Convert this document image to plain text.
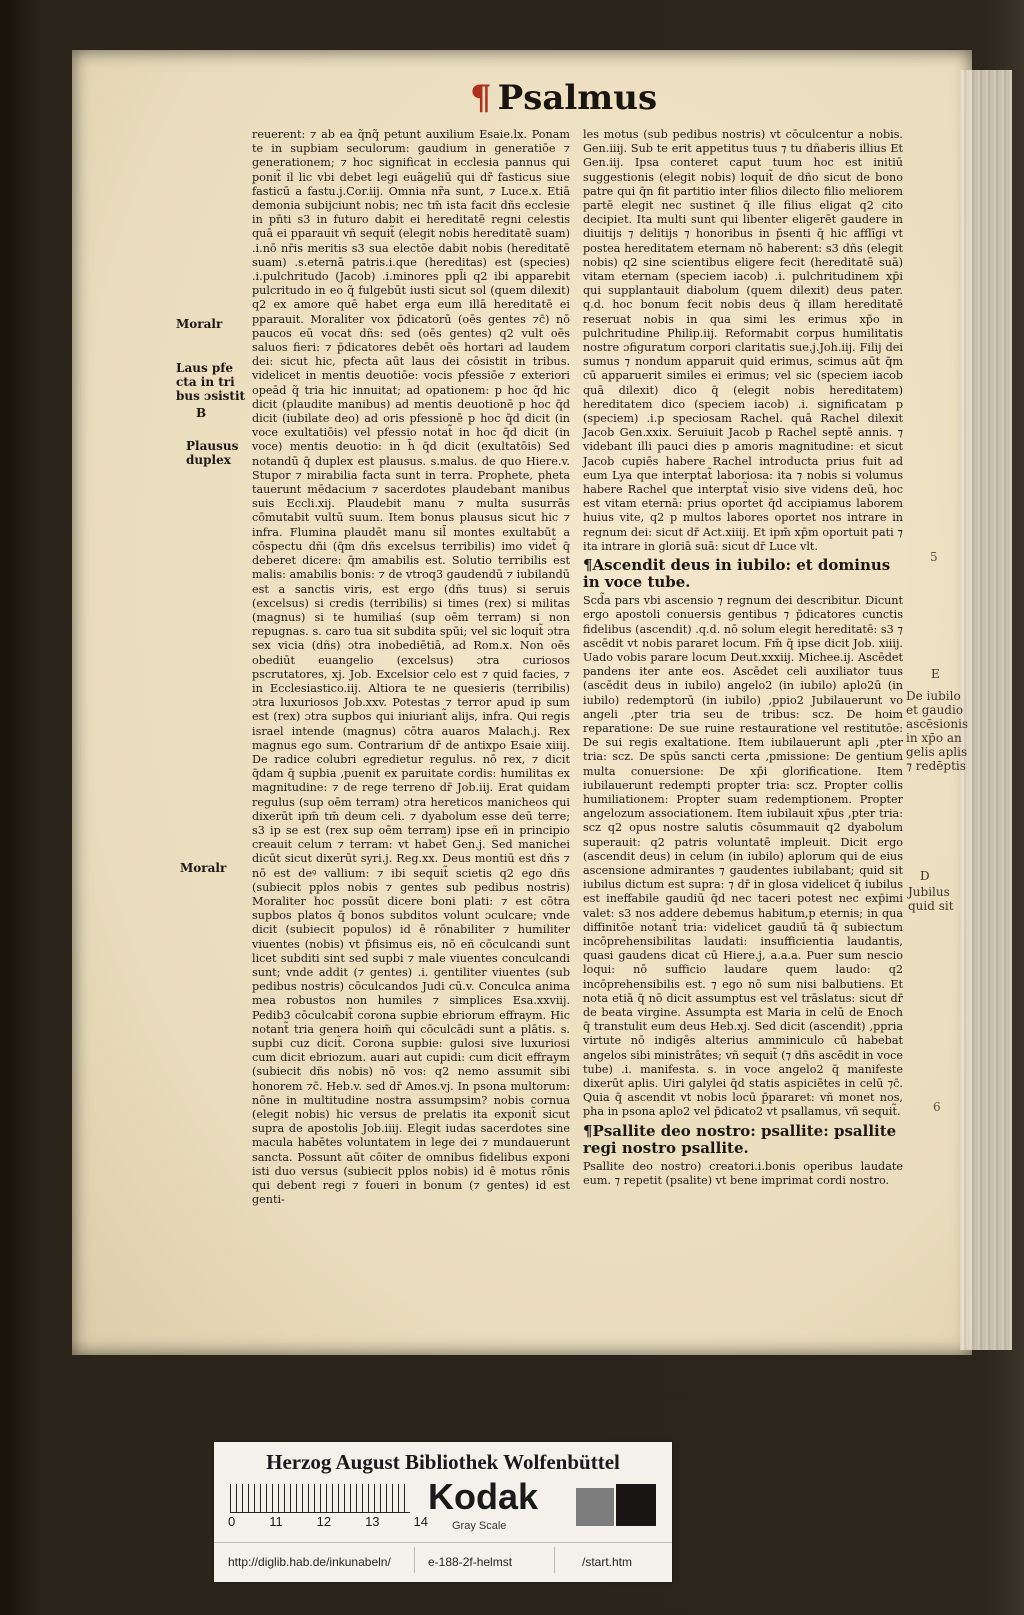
¶ Psalmus

reuerent: ⁊ ab ea q̃nq̃ petunt auxilium Esaie.lx. Ponam te in supbiam seculorum: gaudium in generatiōe ⁊ generationem; ⁊ hoc significat in ecclesia pannus qui ponit̃ il lic vbi debet legi euãgeliū qui dr̃ fasticus siue fasticū a fastu.j.Cor.iij. Omnia nr̃a sunt, ⁊ Luce.x. Etiā demonia subijciunt nobis; nec tm̄ ista facit dñs ecclesie in pn̄ti s3 in futuro dabit ei hereditatē regni celestis quā ei pparauit vñ sequit̃ (elegit nobis hereditatē suam) .i.nō nr̄is meritis s3 sua electōe dabit nobis (hereditatē suam) .s.eternā patris.i.que (hereditas) est (species) .i.pulchritudo (Jacob) .i.minores ppl̄i q2 ibi apparebit pulcritudo in eo q̃ fulgebūt iusti sicut sol (quem dilexit) q2 ex amore quē habet erga eum illā hereditatē ei pparauit. Moraliter vox p̄dicatorū (oēs gentes ⁊c̄) nō paucos eū vocat dñs: sed (oēs gentes) q2 vult oēs saluos fieri: ⁊ p̄dicatores debēt oēs hortari ad laudem dei: sicut hic, pfecta aūt laus dei cōsistit in tribus. videlicet in mentis deuotiōe: vocis pfessiōe ⁊ exteriori opeād q̃ tria hic innuitat; ad opationem: p hoc q̄d hic dicit (plaudite manibus) ad mentis deuotionē p hoc q̄d dicit (iubilate deo) ad oris pfessionē p hoc q̄d dicit (in voce exultatiōis) vel pfessio notat̃ in hoc q̄d dicit (in voce) mentis deuotio: in h̄ q̄d dicit (exultatōis) Sed notandū q̄ duplex est plausus. s.malus. de quo Hiere.v. Stupor ⁊ mirabilia facta sunt in terra. Prophete, pheta tauerunt mēdacium ⁊ sacerdotes plaudebant manibus suis Eccli.xij. Plaudebit manu ⁊ multa susurrās cōmutabit vultū suum. Item bonus plausus sicut hic ⁊ infra. Flumina plaudēt manu sil̄ montes exultabūt a cōspectu dñi (q̄m dñs excelsus terribilis) imo videt̃ q̄ deberet dicere: q̄m amabilis est. Solutio terribilis est malis: amabilis bonis: ⁊ de vtroq3 gaudendū ⁊ iubilandū est a sanctis viris, est ergo (dñs tuus) si seruis (excelsus) si credis (terribilis) si times (rex) si militas (magnus) si te humiliaś (sup oēm terram) si non repugnas. s. caro tua sit subdita spūi; vel sic loquit̃ ɔtra sex vicia (dñs) ɔtra inobediētiā, ad Rom.x. Non oēs obediūt euangelio (excelsus) ɔtra curiosos pscrutatores, xj. Job. Excelsior celo est ⁊ quid facies, ⁊ in Ecclesiastico.iij. Altiora te ne quesieris (terribilis) ɔtra luxuriosos Job.xxv. Potestas ⁊ terror apud ip sum est (rex) ɔtra supbos qui iniuriant̃ alijs, infra. Qui regis israel intende (magnus) cōtra auaros Malach.j. Rex magnus ego sum. Contrarium dr̄ de antixpo Esaie xiiij. De radice colubri egredietur regulus. nō rex, ⁊ dicit q̄dam q̄ supbia ,puenit ex paruitate cordis: humilitas ex magnitudine: ⁊ de rege terreno dr̄ Job.iij. Erat quidam regulus (sup oēm terram) ɔtra hereticos manicheos qui dixerūt ipm̄ tm̄ deum celi. ⁊ dyabolum esse deū terre; s3 ip se est (rex sup oēm terram) ipse eñ in principio creauit celum ⁊ terram: vt habet̃ Gen.j. Sed manichei dicūt sicut dixerūt syri.j. Reg.xx. Deus montiū est dñs ⁊ nō est deꝰ vallium: ⁊ ibi sequit̃ scietis q2 ego dñs (subiecit pplos nobis ⁊ gentes sub pedibus nostris) Moraliter hoc possūt dicere boni plati: ⁊ est cōtra supbos platos q̄ bonos subditos volunt ɔculcare; vnde dicit (subiecit populos) id ē rōnabiliter ⁊ humiliter viuentes (nobis) vt p̄fisimus eis, nō eñ cōculcandi sunt licet subditi sint sed supbi ⁊ male viuentes conculcandi sunt; vnde addit (⁊ gentes) .i. gentiliter viuentes (sub pedibus nostris) cōculcandos Judi cū.v. Conculca anima mea robustos non humiles ⁊ simplices Esa.xxviij. Pedib3 cōculcabit̃ corona supbie ebriorum effraym. Hic notant̃ tria genera hoim̄ qui cōculcādi sunt a plātis. s. supbi cuz dicit̃. Corona supbie: gulosi sive luxuriosi cum dicit ebriozum. auari aut cupidi: cum dicit effraym (subiecit dñs nobis) nō vos: q2 nemo assumit sibi honorem ⁊c̄. Heb.v. sed dr̄ Amos.vj. In psona multorum: nōne in multitudine nostra assumpsim? nobis cornua (elegit nobis) hic versus de prelatis ita exponit̃ sicut supra de apostolis Job.iiij. Elegit iudas sacerdotes sine macula habētes voluntatem in lege dei ⁊ mundauerunt sancta. Possunt aūt cōiter de omnibus fidelibus exponi isti duo versus (subiecit pplos nobis) id ē motus rōnis qui debent regi ⁊ foueri in bonum (⁊ gentes) id est genti-

les motus (sub pedibus nostris) vt cōculcentur a nobis. Gen.iiij. Sub te erit appetitus tuus ⁊ tu dñaberis illius Et Gen.iij. Ipsa conteret caput tuum hoc est initiū suggestionis (elegit nobis) loquit̃ de dño sicut de bono patre qui q̄n fit partitio inter filios dilecto filio meliorem partē elegit nec sustinet q̄ ille filius eligat q2 cito decipiet. Ita multi sunt qui libenter eligerēt gaudere in diuitijs ⁊ delitijs ⁊ honoribus in p̄senti q̄ hic afflīgi vt postea hereditatem eternam nō haberent: s3 dñs (elegit nobis) q2 sine scientibus eligere fecit (hereditatē suā) vitam eternam (speciem iacob) .i. pulchritudinem xp̄i qui supplantauit diabolum (quem dilexit) deus pater. q.d. hoc bonum fecit nobis deus q̄ illam hereditatē reseruat nobis in qua simi les erimus xp̄o in pulchritudine Philip.iij. Reformabit corpus humilitatis nostre ɔfiguratum corpori claritatis sue.j.Joh.iij. Filij dei sumus ⁊ nondum apparuit quid erimus, scimus aūt q̄m cū apparuerit similes ei erimus; vel sic (speciem iacob quā dilexit) dico q̄ (elegit nobis hereditatem) hereditatem dico (speciem iacob) .i. significatam p (speciem) .i.p speciosam Rachel. quā Rachel dilexit Jacob Gen.xxix. Seruiuit Jacob p Rachel septē annis. ⁊ videbant illi pauci dies p amoris magnitudine: et sicut Jacob cupiēs habere Rachel introducta prius fuit ad eum Lya que interptat̃ laboriosa: ita ⁊ nobis si volumus habere Rachel que interptat̃ visio sive videns deū, hoc est vitam eternā: prius oportet q̄d accipiamus laborem huius vite, q2 p multos labores oportet nos intrare in regnum dei: sicut dr̄ Act.xiiij. Et ipm̄ xp̄m oportuit pati ⁊ ita intrare in gloriā suā: sicut dr̄ Luce vlt.

¶Ascendit deus in iubilo: et dominus in voce tube.

Scd̃a pars vbi ascensio ⁊ regnum dei describitur. Dicunt ergo apostoli conuersis gentibus ⁊ p̄dicatores cunctis fidelibus (ascendit) .q.d. nō solum elegit hereditatē: s3 ⁊ ascēdit vt nobis pararet locum. Fm̄ q̄ ipse dicit Job. xiiij. Uado vobis parare locum Deut.xxxiij. Michee.ij. Ascēdet pandens iter ante eos. Ascēdet celi auxiliator tuus (ascēdit deus in iubilo) angelo2 (in iubilo) aplo2ū (in iubilo) redemptorū (in iubilo) ,ppio2 Jubilauerunt vo angeli ,pter tria seu de tribus: scz. De hoim reparatione: De sue ruine restauratione vel restitutōe: De sui regis exaltatione. Item iubilauerunt apli ,pter tria: scz. De spūs sancti certa ,pmissione: De gentium multa conuersione: De xp̄i glorificatione. Item iubilauerunt redempti propter tria: scz. Propter collis humiliationem: Propter suam redemptionem. Propter angelozum associationem. Item iubilauit xp̄us ,pter tria: scz q2 opus nostre salutis cōsummauit q2 dyabolum superauit: q2 patris voluntatē impleuit. Dicit ergo (ascendit deus) in celum (in iubilo) aplorum qui de eius ascensione admirantes ⁊ gaudentes iubilabant; quid sit iubilus dictum est supra: ⁊ dr̄ in glosa videlicet q̄ iubilus est ineffabile gaudiū q̄d nec taceri potest nec exp̄imi valet: s3 nos addere debemus habitum,p eternis; in qua diffinitōe notant̃ tria: videlicet gaudiū tā q̄ subiectum incōprehensibilitas laudati: insufficientia laudantis, quasi gaudens dicat cū Hiere.j, a.a.a. Puer sum nescio loqui: nō sufficio laudare quem laudo: q2 incōprehensibilis est. ⁊ ego nō sum nisi balbutiens. Et nota etiā q̄ nō dicit assumptus est vel trāslatus: sicut dr̄ de beata virgine. Assumpta est Maria in celū de Enoch q̄ transtulit eum deus Heb.xj. Sed dicit (ascendit) ,ppria virtute nō indigēs alterius amminiculo cū habebat angelos sibi ministrātes; vñ sequit̃ (⁊ dñs ascēdit in voce tube) .i. manifesta. s. in voce angelo2 q̄ manifeste dixerūt aplis. Uiri galylei q̄d statis aspiciētes in celū ⁊c̄. Quia q̄ ascendit vt nobis locū p̄pararet: vñ monet nos, pha in psona aplo2 vel p̄dicato2 vt psallamus, vñ sequit̃.

¶Psallite deo nostro: psallite: psallite regi nostro psallite.

Psallite deo nostro) creatori.i.bonis operibus laudate eum. ⁊ repetit (psalite) vt bene imprimat cordi nostro.

Moralr
Laus pfe
cta in tri
bus ɔsistit
B
Plausus
duplex
Moralr
E
De iubilo
et gaudio
ascēsionis
in xp̄o an
gelis aplis
⁊ redēptis
D
Jubilus
quid sit
5
6
Herzog August Bibliothek Wolfenbüttel
0	11	12	13	14
Kodak
Gray Scale
http://diglib.hab.de/inkunabeln/	e-188-2f-helmst	/start.htm
